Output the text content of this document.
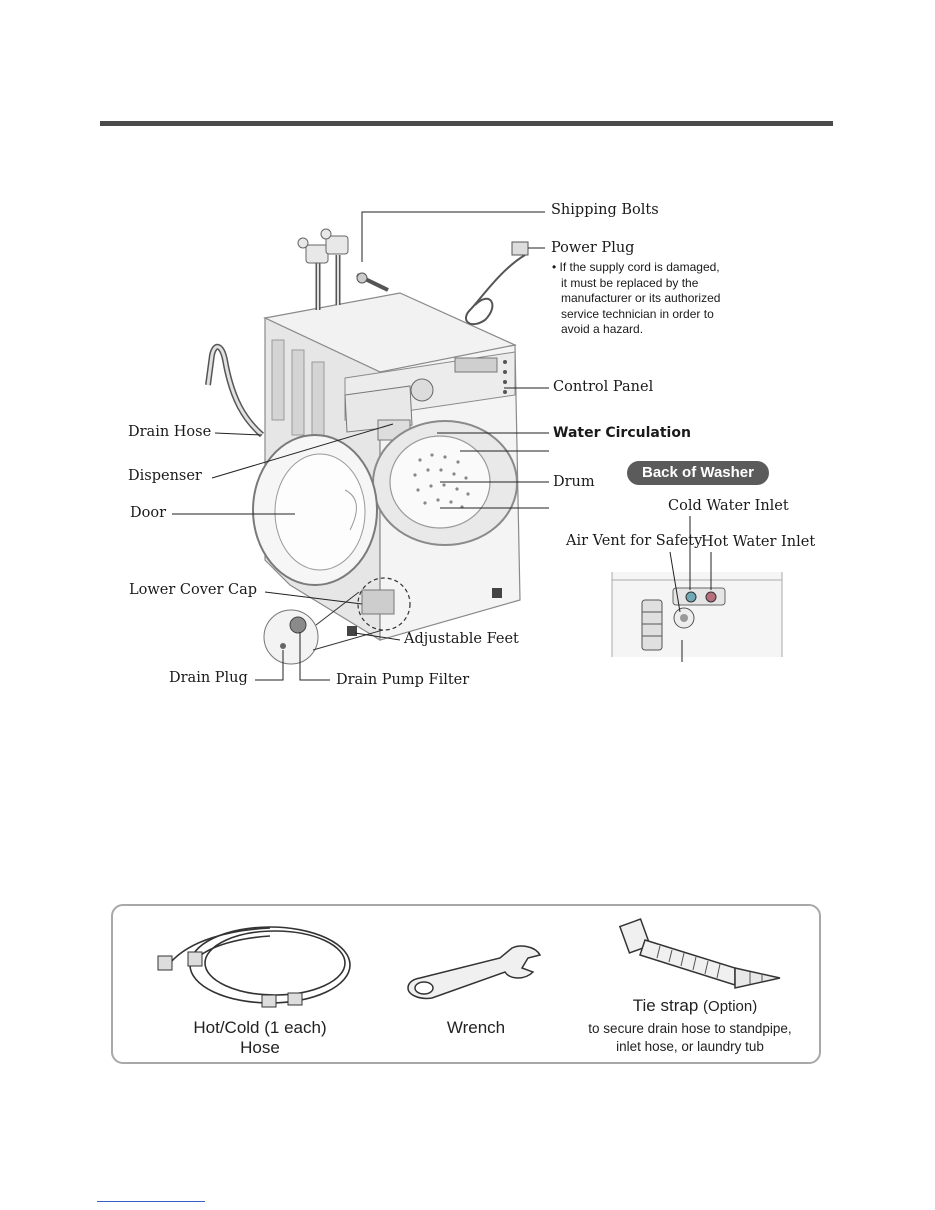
Shipping Bolts
Power Plug
• If the supply cord is damaged,
it must be replaced by the
manufacturer or its authorized
service technician in order to
avoid a hazard.
Control Panel
Water Circulation
Drum
Drain Hose
Dispenser
Door
Lower Cover Cap
Adjustable Feet
Drain Plug	Drain Pump Filter
Back of Washer
Cold Water Inlet
Air Vent for Safety
Hot Water Inlet
Hot/Cold (1 each)
Hose
Wrench
Tie strap (Option)
to secure drain hose to standpipe,
inlet hose, or laundry tub
